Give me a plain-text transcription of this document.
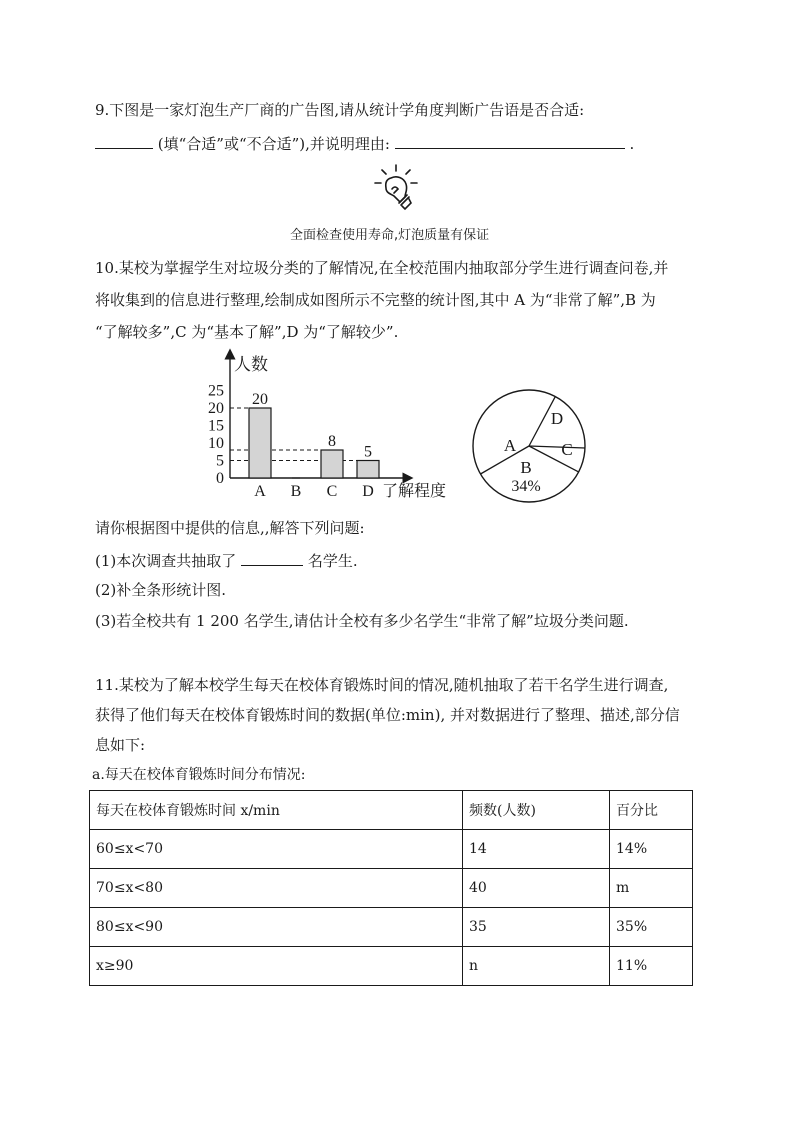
9.下图是一家灯泡生产厂商的广告图,请从统计学角度判断广告语是否合适:
(填“合适”或“不合适”),并说明理由:	.
全面检查使用寿命,灯泡质量有保证
10.某校为掌握学生对垃圾分类的了解情况,在全校范围内抽取部分学生进行调查问卷,并
将收集到的信息进行整理,绘制成如图所示不完整的统计图,其中 A 为“非常了解”,B 为
“了解较多”,C 为“基本了解”,D 为“了解较少”.
人数
了解程度
0
5
10
15
20
25
A
20
B C
8
D
5	A
B
C
D
34%
请你根据图中提供的信息,,解答下列问题:
(1)本次调查共抽取了	名学生.
(2)补全条形统计图.
(3)若全校共有 1 200 名学生,请估计全校有多少名学生“非常了解”垃圾分类问题.
11.某校为了解本校学生每天在校体育锻炼时间的情况,随机抽取了若干名学生进行调查,
获得了他们每天在校体育锻炼时间的数据(单位:min), 并对数据进行了整理、描述,部分信
息如下:
a.每天在校体育锻炼时间分布情况:
每天在校体育锻炼时间 x/min	频数(人数)	百分比
60≤x<70	14	14%
70≤x<80	40	m
80≤x<90	35	35%
x≥90	n	11%
